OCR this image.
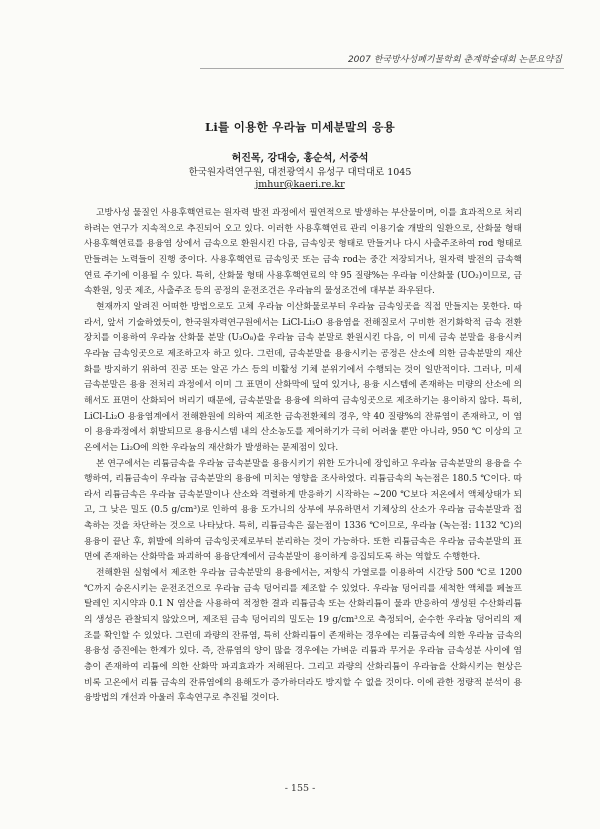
2007 한국방사성폐기물학회 춘계학술대회 논문요약집
Li를 이용한 우라늄 미세분말의 응용
허진목, 강대승, 홍순석, 서중석
한국원자력연구원, 대전광역시 유성구 대덕대로 1045
jmhur@kaeri.re.kr

고방사성 물질인 사용후핵연료는 원자력 발전 과정에서 필연적으로 발생하는 부산물이며, 이를 효과적으로 처리하려는 연구가 지속적으로 추진되어 오고 있다. 이러한 사용후핵연료 관리 이용기술 개발의 일환으로, 산화물 형태 사용후핵연료를 용융염 상에서 금속으로 환원시킨 다음, 금속잉곳 형태로 만들거나 다시 사출주조하여 rod 형태로 만들려는 노력들이 진행 중이다. 사용후핵연료 금속잉곳 또는 금속 rod는 중간 저장되거나, 원자력 발전의 금속핵연료 주기에 이용될 수 있다. 특히, 산화물 형태 사용후핵연료의 약 95 질량%는 우라늄 이산화물 (UO₂)이므로, 금속환원, 잉곳 제조, 사출주조 등의 공정의 운전조건은 우라늄의 물성조건에 대부분 좌우된다.

현재까지 알려진 어떠한 방법으로도 고체 우라늄 이산화물로부터 우라늄 금속잉곳을 직접 만들지는 못한다. 따라서, 앞서 기술하였듯이, 한국원자력연구원에서는 LiCl-Li₂O 용융염을 전해질로서 구비한 전기화학적 금속 전환 장치를 이용하여 우라늄 산화물 분말 (U₃O₈)을 우라늄 금속 분말로 환원시킨 다음, 이 미세 금속 분말을 용융시켜 우라늄 금속잉곳으로 제조하고자 하고 있다. 그런데, 금속분말을 용융시키는 공정은 산소에 의한 금속분말의 재산화를 방지하기 위하여 진공 또는 알곤 가스 등의 비활성 기체 분위기에서 수행되는 것이 일반적이다. 그러나, 미세 금속분말은 용융 전처리 과정에서 이미 그 표면이 산화막에 덮여 있거나, 용융 시스템에 존재하는 미량의 산소에 의해서도 표면이 산화되어 버리기 때문에, 금속분말을 용융에 의하여 금속잉곳으로 제조하기는 용이하지 않다. 특히, LiCl-Li₂O 용융염계에서 전해환원에 의하여 제조한 금속전환체의 경우, 약 40 질량%의 잔류염이 존재하고, 이 염이 용융과정에서 휘발되므로 용융시스템 내의 산소농도를 제어하기가 극히 어려울 뿐만 아니라, 950 ℃ 이상의 고온에서는 Li₂O에 의한 우라늄의 재산화가 발생하는 문제점이 있다.

본 연구에서는 리튬금속을 우라늄 금속분말을 용융시키기 위한 도가니에 장입하고 우라늄 금속분말의 용융을 수행하여, 리튬금속이 우라늄 금속분말의 용융에 미치는 영향을 조사하였다. 리튬금속의 녹는점은 180.5 ℃이다. 따라서 리튬금속은 우라늄 금속분말이나 산소와 격렬하게 반응하기 시작하는 ~200 ℃보다 저온에서 액체상태가 되고, 그 낮은 밀도 (0.5 g/cm³)로 인하여 용융 도가니의 상부에 부유하면서 기체상의 산소가 우라늄 금속분말과 접촉하는 것을 차단하는 것으로 나타났다. 특히, 리튬금속은 끓는점이 1336 ℃이므로, 우라늄 (녹는점: 1132 ℃)의 용융이 끝난 후, 휘발에 의하여 금속잉곳제로부터 분리하는 것이 가능하다. 또한 리튬금속은 우라늄 금속분말의 표면에 존재하는 산화막을 파괴하여 용융단계에서 금속분말이 용이하게 응집되도록 하는 역할도 수행한다.

전해환원 실험에서 제조한 우라늄 금속분말의 용융에서는, 저항식 가열로를 이용하여 시간당 500 ℃로 1200 ℃까지 승온시키는 운전조건으로 우라늄 금속 덩어리를 제조할 수 있었다. 우라늄 덩어리를 세척한 액체를 페놀프탈레인 지시약과 0.1 N 염산을 사용하여 적정한 결과 리튬금속 또는 산화리튬이 물과 반응하여 생성된 수산화리튬의 생성은 관찰되지 않았으며, 제조된 금속 덩어리의 밀도는 19 g/cm³으로 측정되어, 순수한 우라늄 덩어리의 제조를 확인할 수 있었다. 그런데 과량의 잔류염, 특히 산화리튬이 존재하는 경우에는 리튬금속에 의한 우라늄 금속의 용융성 증진에는 한계가 있다. 즉, 잔류염의 양이 많을 경우에는 가벼운 리튬과 무거운 우라늄 금속성분 사이에 염층이 존재하여 리튬에 의한 산화막 파괴효과가 저해된다. 그리고 과량의 산화리튬이 우라늄을 산화시키는 현상은 비록 고온에서 리튬 금속의 잔류염에의 용해도가 증가하더라도 방지할 수 없을 것이다. 이에 관한 정량적 분석이 용융방법의 개선과 아울러 후속연구로 추진될 것이다.

- 155 -
